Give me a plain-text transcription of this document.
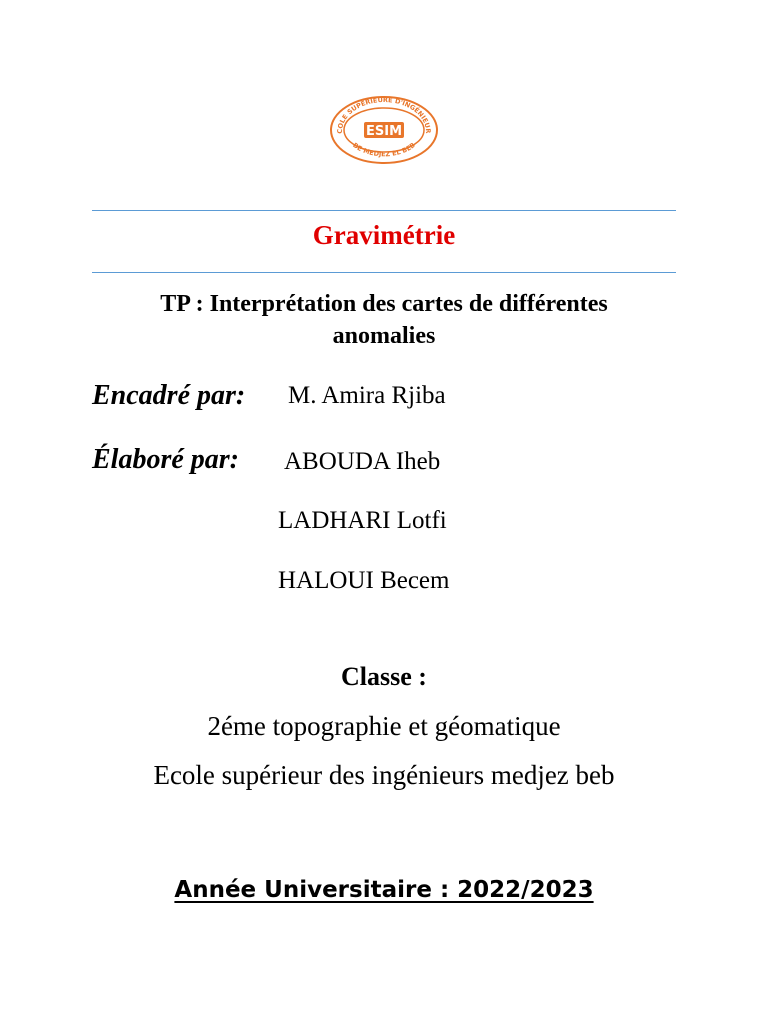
COLE SUPÉRIEURE D'INGÉNIEUR
DE MEDJEZ EL BEB
ESIM
Gravimétrie
TP : Interprétation des cartes de différentes
anomalies
Encadré par: M. Amira Rjiba
Élaboré par: ABOUDA Iheb
LADHARI Lotfi
HALOUI Becem
Classe :
2éme topographie et géomatique
Ecole supérieur des ingénieurs medjez beb
Année Universitaire : 2022/2023
